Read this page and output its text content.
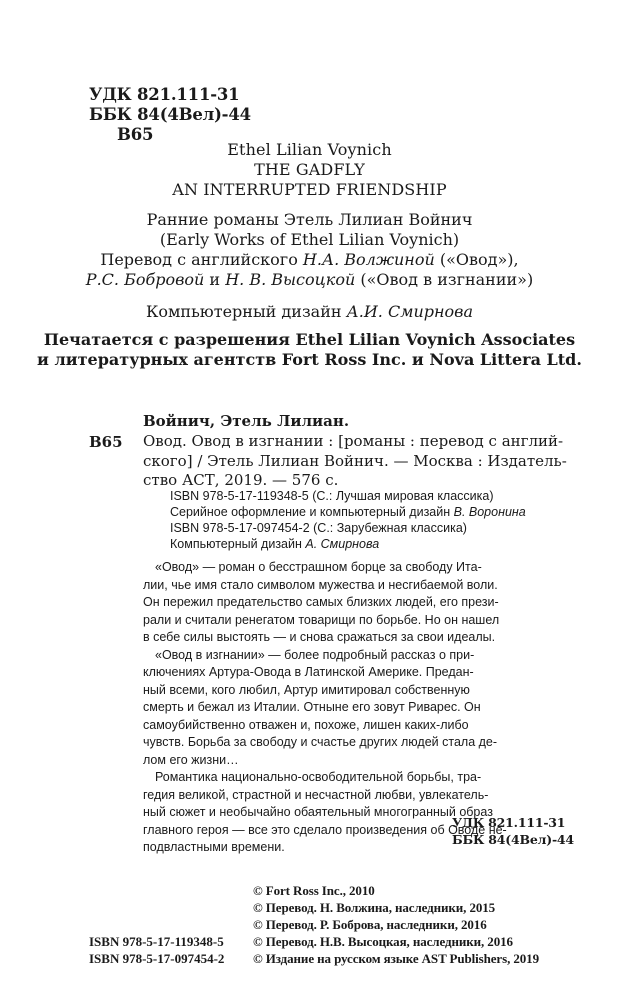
УДК 821.111-31
ББК 84(4Вел)-44
В65
Ethel Lilian Voynich
THE GADFLY
AN INTERRUPTED FRIENDSHIP
Ранние романы Этель Лилиан Войнич
(Early Works of Ethel Lilian Voynich)
Перевод с английского Н.А. Волжиной («Овод»),
Р.С. Бобровой и Н. В. Высоцкой («Овод в изгнании»)
Компьютерный дизайн А.И. Смирнова
Печатается с разрешения Ethel Lilian Voynich Associates
и литературных агентств Fort Ross Inc. и Nova Littera Ltd.
Войнич, Этель Лилиан.
В65 Овод. Овод в изгнании : [романы : перевод с англий-
ского] / Этель Лилиан Войнич. — Москва : Издатель-
ство АСТ, 2019. — 576 с.
ISBN 978-5-17-119348-5 (С.: Лучшая мировая классика)
Серийное оформление и компьютерный дизайн В. Воронина
ISBN 978-5-17-097454-2 (С.: Зарубежная классика)
Компьютерный дизайн А. Смирнова

«Овод» — роман о бесстрашном борце за свободу Ита-
лии, чье имя стало символом мужества и несгибаемой воли.
Он пережил предательство самых близких людей, его прези-
рали и считали ренегатом товарищи по борьбе. Но он нашел
в себе силы выстоять — и снова сражаться за свои идеалы.

«Овод в изгнании» — более подробный рассказ о при-
ключениях Артура-Овода в Латинской Америке. Предан-
ный всеми, кого любил, Артур имитировал собственную
смерть и бежал из Италии. Отныне его зовут Риварес. Он
самоубийственно отважен и, похоже, лишен каких-либо
чувств. Борьба за свободу и счастье других людей стала де-
лом его жизни…

Романтика национально-освободительной борьбы, тра-
гедия великой, страстной и несчастной любви, увлекатель-
ный сюжет и необычайно обаятельный многогранный образ
главного героя — все это сделало произведения об Оводе не-
подвластными времени.

УДК 821.111-31
ББК 84(4Вел)-44
© Fort Ross Inc., 2010
© Перевод. Н. Волжина, наследники, 2015
© Перевод. Р. Боброва, наследники, 2016
© Перевод. Н.В. Высоцкая, наследники, 2016
© Издание на русском языке AST Publishers, 2019
ISBN 978-5-17-119348-5
ISBN 978-5-17-097454-2
